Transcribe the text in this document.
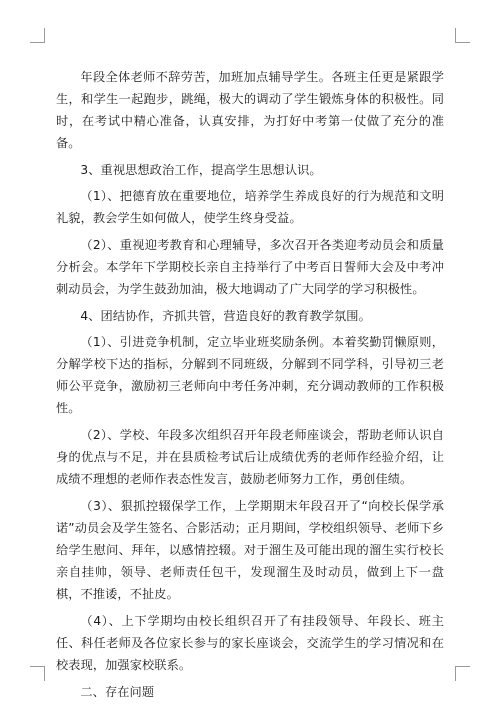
年段全体老师不辞劳苦，加班加点辅导学生。各班主任更是紧跟学生，和学生一起跑步，跳绳，极大的调动了学生锻炼身体的积极性。同时，在考试中精心准备，认真安排，为打好中考第一仗做了充分的准备。

3、重视思想政治工作，提高学生思想认识。

（1）、把德育放在重要地位，培养学生养成良好的行为规范和文明礼貌，教会学生如何做人，使学生终身受益。

（2）、重视迎考教育和心理辅导，多次召开各类迎考动员会和质量分析会。本学年下学期校长亲自主持举行了中考百日誓师大会及中考冲刺动员会，为学生鼓劲加油，极大地调动了广大同学的学习积极性。

4、团结协作，齐抓共管，营造良好的教育教学氛围。

（1）、引进竞争机制，定立毕业班奖励条例。本着奖勤罚懒原则，分解学校下达的指标，分解到不同班级，分解到不同学科，引导初三老师公平竞争，激励初三老师向中考任务冲刺，充分调动教师的工作积极性。

（2）、学校、年段多次组织召开年段老师座谈会，帮助老师认识自身的优点与不足，并在县质检考试后让成绩优秀的老师作经验介绍，让成绩不理想的老师作表态性发言，鼓励老师努力工作，勇创佳绩。

（3）、狠抓控辍保学工作，上学期期末年段召开了“向校长保学承诺”动员会及学生签名、合影活动；正月期间，学校组织领导、老师下乡给学生慰问、拜年，以感情控辍。对于溜生及可能出现的溜生实行校长亲自挂帅，领导、老师责任包干，发现溜生及时动员，做到上下一盘棋，不推诿，不扯皮。

（4）、上下学期均由校长组织召开了有挂段领导、年段长、班主任、科任老师及各位家长参与的家长座谈会，交流学生的学习情况和在校表现，加强家校联系。

二、存在问题
